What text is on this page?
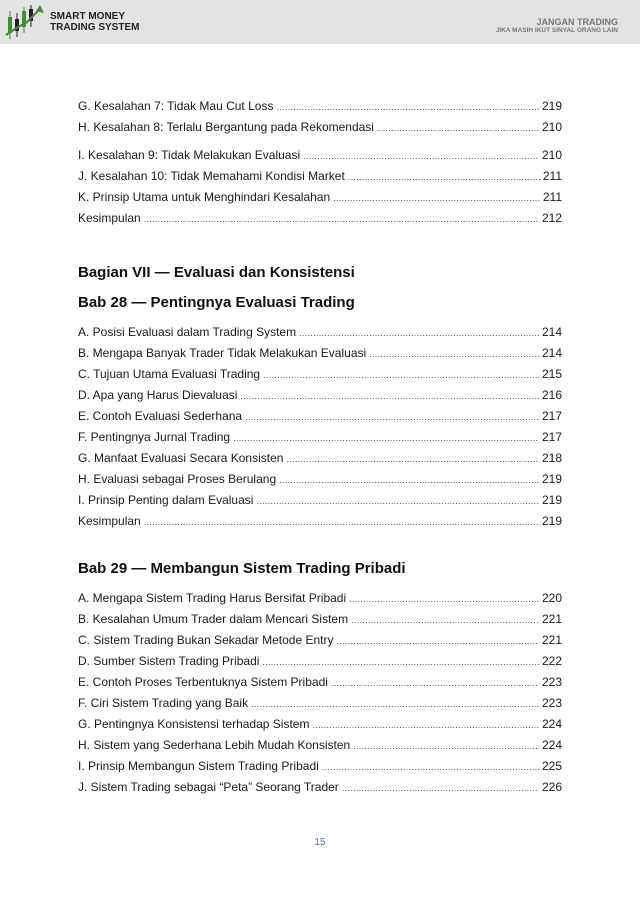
SMART MONEY
TRADING SYSTEM	JANGAN TRADING
JIKA MASIH IKUT SINYAL ORANG LAIN
G. Kesalahan 7: Tidak Mau Cut Loss .....	219
H. Kesalahan 8: Terlalu Bergantung pada Rekomendasi .....	210
I. Kesalahan 9: Tidak Melakukan Evaluasi .....	210
J. Kesalahan 10: Tidak Memahami Kondisi Market .....	211
K. Prinsip Utama untuk Menghindari Kesalahan .....	211
Kesimpulan .....	212
Bagian VII — Evaluasi dan Konsistensi
Bab 28 — Pentingnya Evaluasi Trading
A. Posisi Evaluasi dalam Trading System .....	214
B. Mengapa Banyak Trader Tidak Melakukan Evaluasi .....	214
C. Tujuan Utama Evaluasi Trading .....	215
D. Apa yang Harus Dievaluasi .....	216
E. Contoh Evaluasi Sederhana .....	217
F. Pentingnya Jurnal Trading .....	217
G. Manfaat Evaluasi Secara Konsisten .....	218
H. Evaluasi sebagai Proses Berulang .....	219
I. Prinsip Penting dalam Evaluasi .....	219
Kesimpulan .....	219
Bab 29 — Membangun Sistem Trading Pribadi
A. Mengapa Sistem Trading Harus Bersifat Pribadi .....	220
B. Kesalahan Umum Trader dalam Mencari Sistem .....	221
C. Sistem Trading Bukan Sekadar Metode Entry .....	221
D. Sumber Sistem Trading Pribadi .....	222
E. Contoh Proses Terbentuknya Sistem Pribadi .....	223
F. Ciri Sistem Trading yang Baik .....	223
G. Pentingnya Konsistensi terhadap Sistem .....	224
H. Sistem yang Sederhana Lebih Mudah Konsisten .....	224
I. Prinsip Membangun Sistem Trading Pribadi .....	225
J. Sistem Trading sebagai “Peta” Seorang Trader .....	226
15
